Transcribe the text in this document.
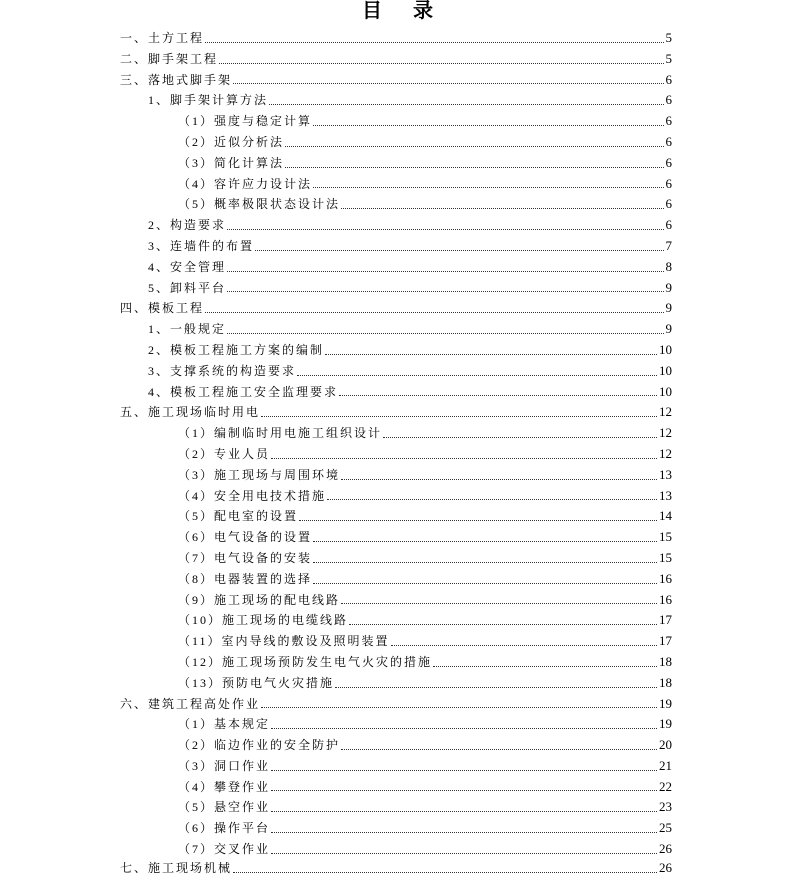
目 录
一、土方工程	5
二、脚手架工程	5
三、落地式脚手架	6
1、脚手架计算方法	6
（1）强度与稳定计算	6
（2）近似分析法	6
（3）简化计算法	6
（4）容许应力设计法	6
（5）概率极限状态设计法	6
2、构造要求	6
3、连墙件的布置	7
4、安全管理	8
5、卸料平台	9
四、模板工程	9
1、一般规定	9
2、模板工程施工方案的编制	10
3、支撑系统的构造要求	10
4、模板工程施工安全监理要求	10
五、施工现场临时用电	12
（1）编制临时用电施工组织设计	12
（2）专业人员	12
（3）施工现场与周围环境	13
（4）安全用电技术措施	13
（5）配电室的设置	14
（6）电气设备的设置	15
（7）电气设备的安装	15
（8）电器装置的选择	16
（9）施工现场的配电线路	16
（10）施工现场的电缆线路	17
（11）室内导线的敷设及照明装置	17
（12）施工现场预防发生电气火灾的措施	18
（13）预防电气火灾措施	18
六、建筑工程高处作业	19
（1）基本规定	19
（2）临边作业的安全防护	20
（3）洞口作业	21
（4）攀登作业	22
（5）悬空作业	23
（6）操作平台	25
（7）交叉作业	26
七、施工现场机械	26
